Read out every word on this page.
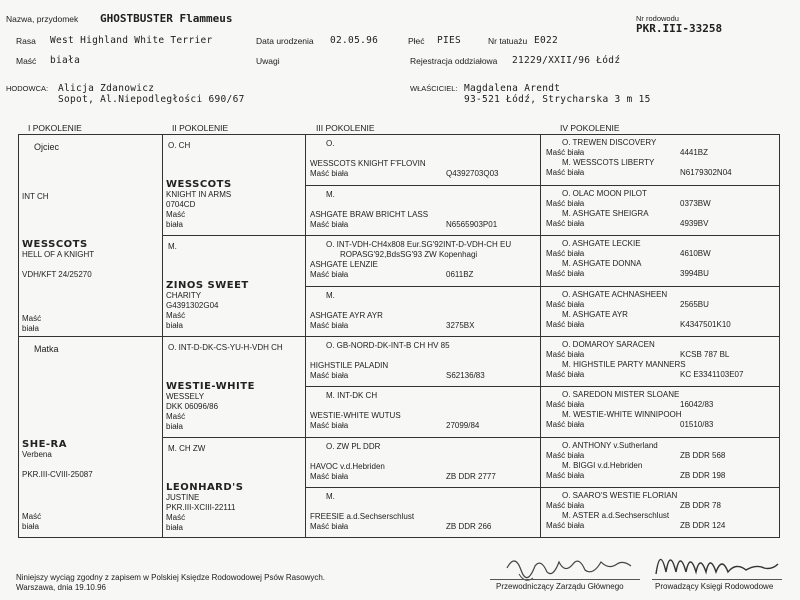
Nazwa, przydomek GHOSTBUSTER Flammeus	Nr rodowodu
PKR.III-33258
Rasa West Highland White Terrier	Data urodzenia 02.05.96	Płeć PIES	Nr tatuażu E022
Maść biała	Uwagi	Rejestracja oddziałowa 21229/XXII/96 Łódź
HODOWCA: Alicja Zdanowicz
Sopot, Al.Niepodległości 690/67
WŁAŚCICIEL: Magdalena Arendt
93-521 Łódź, Strycharska 3 m 15
I POKOLENIE	II POKOLENIE	III POKOLENIE	IV POKOLENIE
Ojciec
INT CH
WESSCOTS
HELL OF A KNIGHT
VDH/KFT 24/25270
Maść
biała
Matka
SHE-RA
Verbena
PKR.III-CVIII-25087
Maść
biała
O. CH
WESSCOTS
KNIGHT IN ARMS
0704CD
Maść
biała
M.
ZINOS SWEET
CHARITY
G4391302G04
Maść
biała
O. INT-D-DK-CS-YU-H-VDH CH
WESTIE-WHITE
WESSELY
DKK 06096/86
Maść
biała
M. CH ZW
LEONHARD'S
JUSTINE
PKR.III-XCIII-22111
Maść
biała
O.
WESSCOTS KNIGHT F'FLOVIN
Maść biała	Q4392703Q03
M.
ASHGATE BRAW BRICHT LASS
Maść biała	N6565903P01
O. INT-VDH-CH4x808 Eur.SG'92INT-D-VDH-CH EU
ROPASG'92,BdsSG'93 ZW Kopenhagi
ASHGATE LENZIE
Maść biała	0611BZ
M.
ASHGATE AYR AYR
Maść biała	3275BX
O. GB-NORD-DK-INT-B CH HV 85
HIGHSTILE PALADIN
Maść biała	S62136/83
M. INT-DK CH
WESTIE-WHITE WUTUS
Maść biała	27099/84
O. ZW PL DDR
HAVOC v.d.Hebriden
Maść biała	ZB DDR 2777
M.
FREESIE a.d.Sechserschlust
Maść biała	ZB DDR 266
O. TREWEN DISCOVERY
Maść biała	4441BZ
M. WESSCOTS LIBERTY
Maść biała	N6179302N04
O. OLAC MOON PILOT
Maść biała	0373BW
M. ASHGATE SHEIGRA
Maść biała	4939BV
O. ASHGATE LECKIE
Maść biała	4610BW
M. ASHGATE DONNA
Maść biała	3994BU
O. ASHGATE ACHNASHEEN
Maść biała	2565BU
M. ASHGATE AYR
Maść biała	K4347501K10
O. DOMAROY SARACEN
Maść biała	KCSB 787 BL
M. HIGHSTILE PARTY MANNERS
Maść biała	KC E3341103E07
O. SAREDON MISTER SLOANE
Maść biała	16042/83
M. WESTIE-WHITE WINNIPOOH
Maść biała	01510/83
O. ANTHONY v.Sutherland
Maść biała	ZB DDR 568
M. BIGGI v.d.Hebriden
Maść biała	ZB DDR 198
O. SAARO'S WESTIE FLORIAN
Maść biała	ZB DDR 78
M. ASTER a.d.Sechserschlust
Maść biała	ZB DDR 124
Niniejszy wyciąg zgodny z zapisem w Polskiej Księdze Rodowodowej Psów Rasowych.
Warszawa, dnia 19.10.96	Przewodniczący Zarządu Głównego	Prowadzący Księgi Rodowodowe
